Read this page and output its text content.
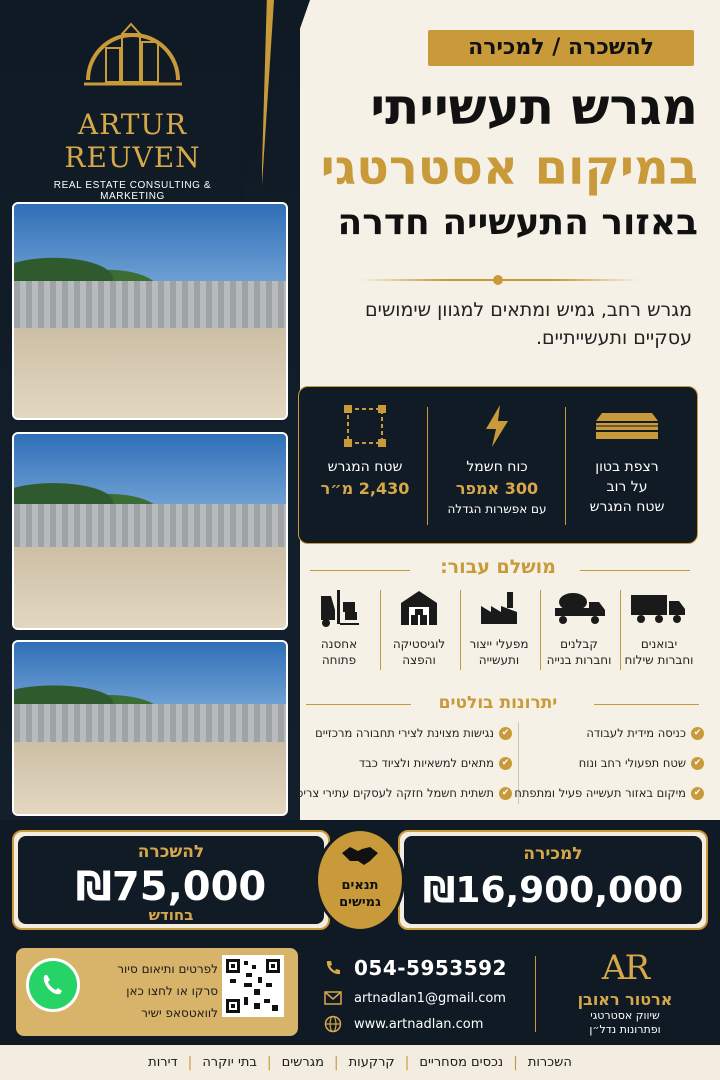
ARTUR REUVEN
REAL ESTATE CONSULTING & MARKETING
להשכרה / למכירה
מגרש תעשייתי
במיקום אסטרטגי
באזור התעשייה חדרה
מגרש רחב, גמיש ומתאים למגוון שימושים עסקיים ותעשייתיים.
רצפת בטון
על רוב
שטח המגרש
כוח חשמל
300 אמפר
עם אפשרות הגדלה
שטח המגרש
2,430 מ״ר
מושלם עבור:
יבואנים
וחברות שילוח
קבלנים
וחברות בנייה
מפעלי ייצור
ותעשייה
לוגיסטיקה
והפצה
אחסנה
פתוחה
יתרונות בולטים
✔כניסה מידית לעבודה
✔שטח תפעולי רחב ונוח
✔מיקום באזור תעשייה פעיל ומתפתח
✔נגישות מצוינת לצירי תחבורה מרכזיים
✔מתאים למשאיות ולציוד כבד
✔תשתית חשמל חזקה לעסקים עתירי צריכה
להשכרה
₪75,000
בחודש
למכירה
₪16,900,000
תנאים
גמישים
לפרטים ותיאום סיור
סרקו או לחצו כאן
לוואטסאפ ישיר
054-5953592
artnadlan1@gmail.com
www.artnadlan.com
AR
ארטור ראובן
שיווק אסטרטגי
ופתרונות נדל״ן
דירות | בתי יוקרה | מגרשים | קרקעות | נכסים מסחריים | השכרות
